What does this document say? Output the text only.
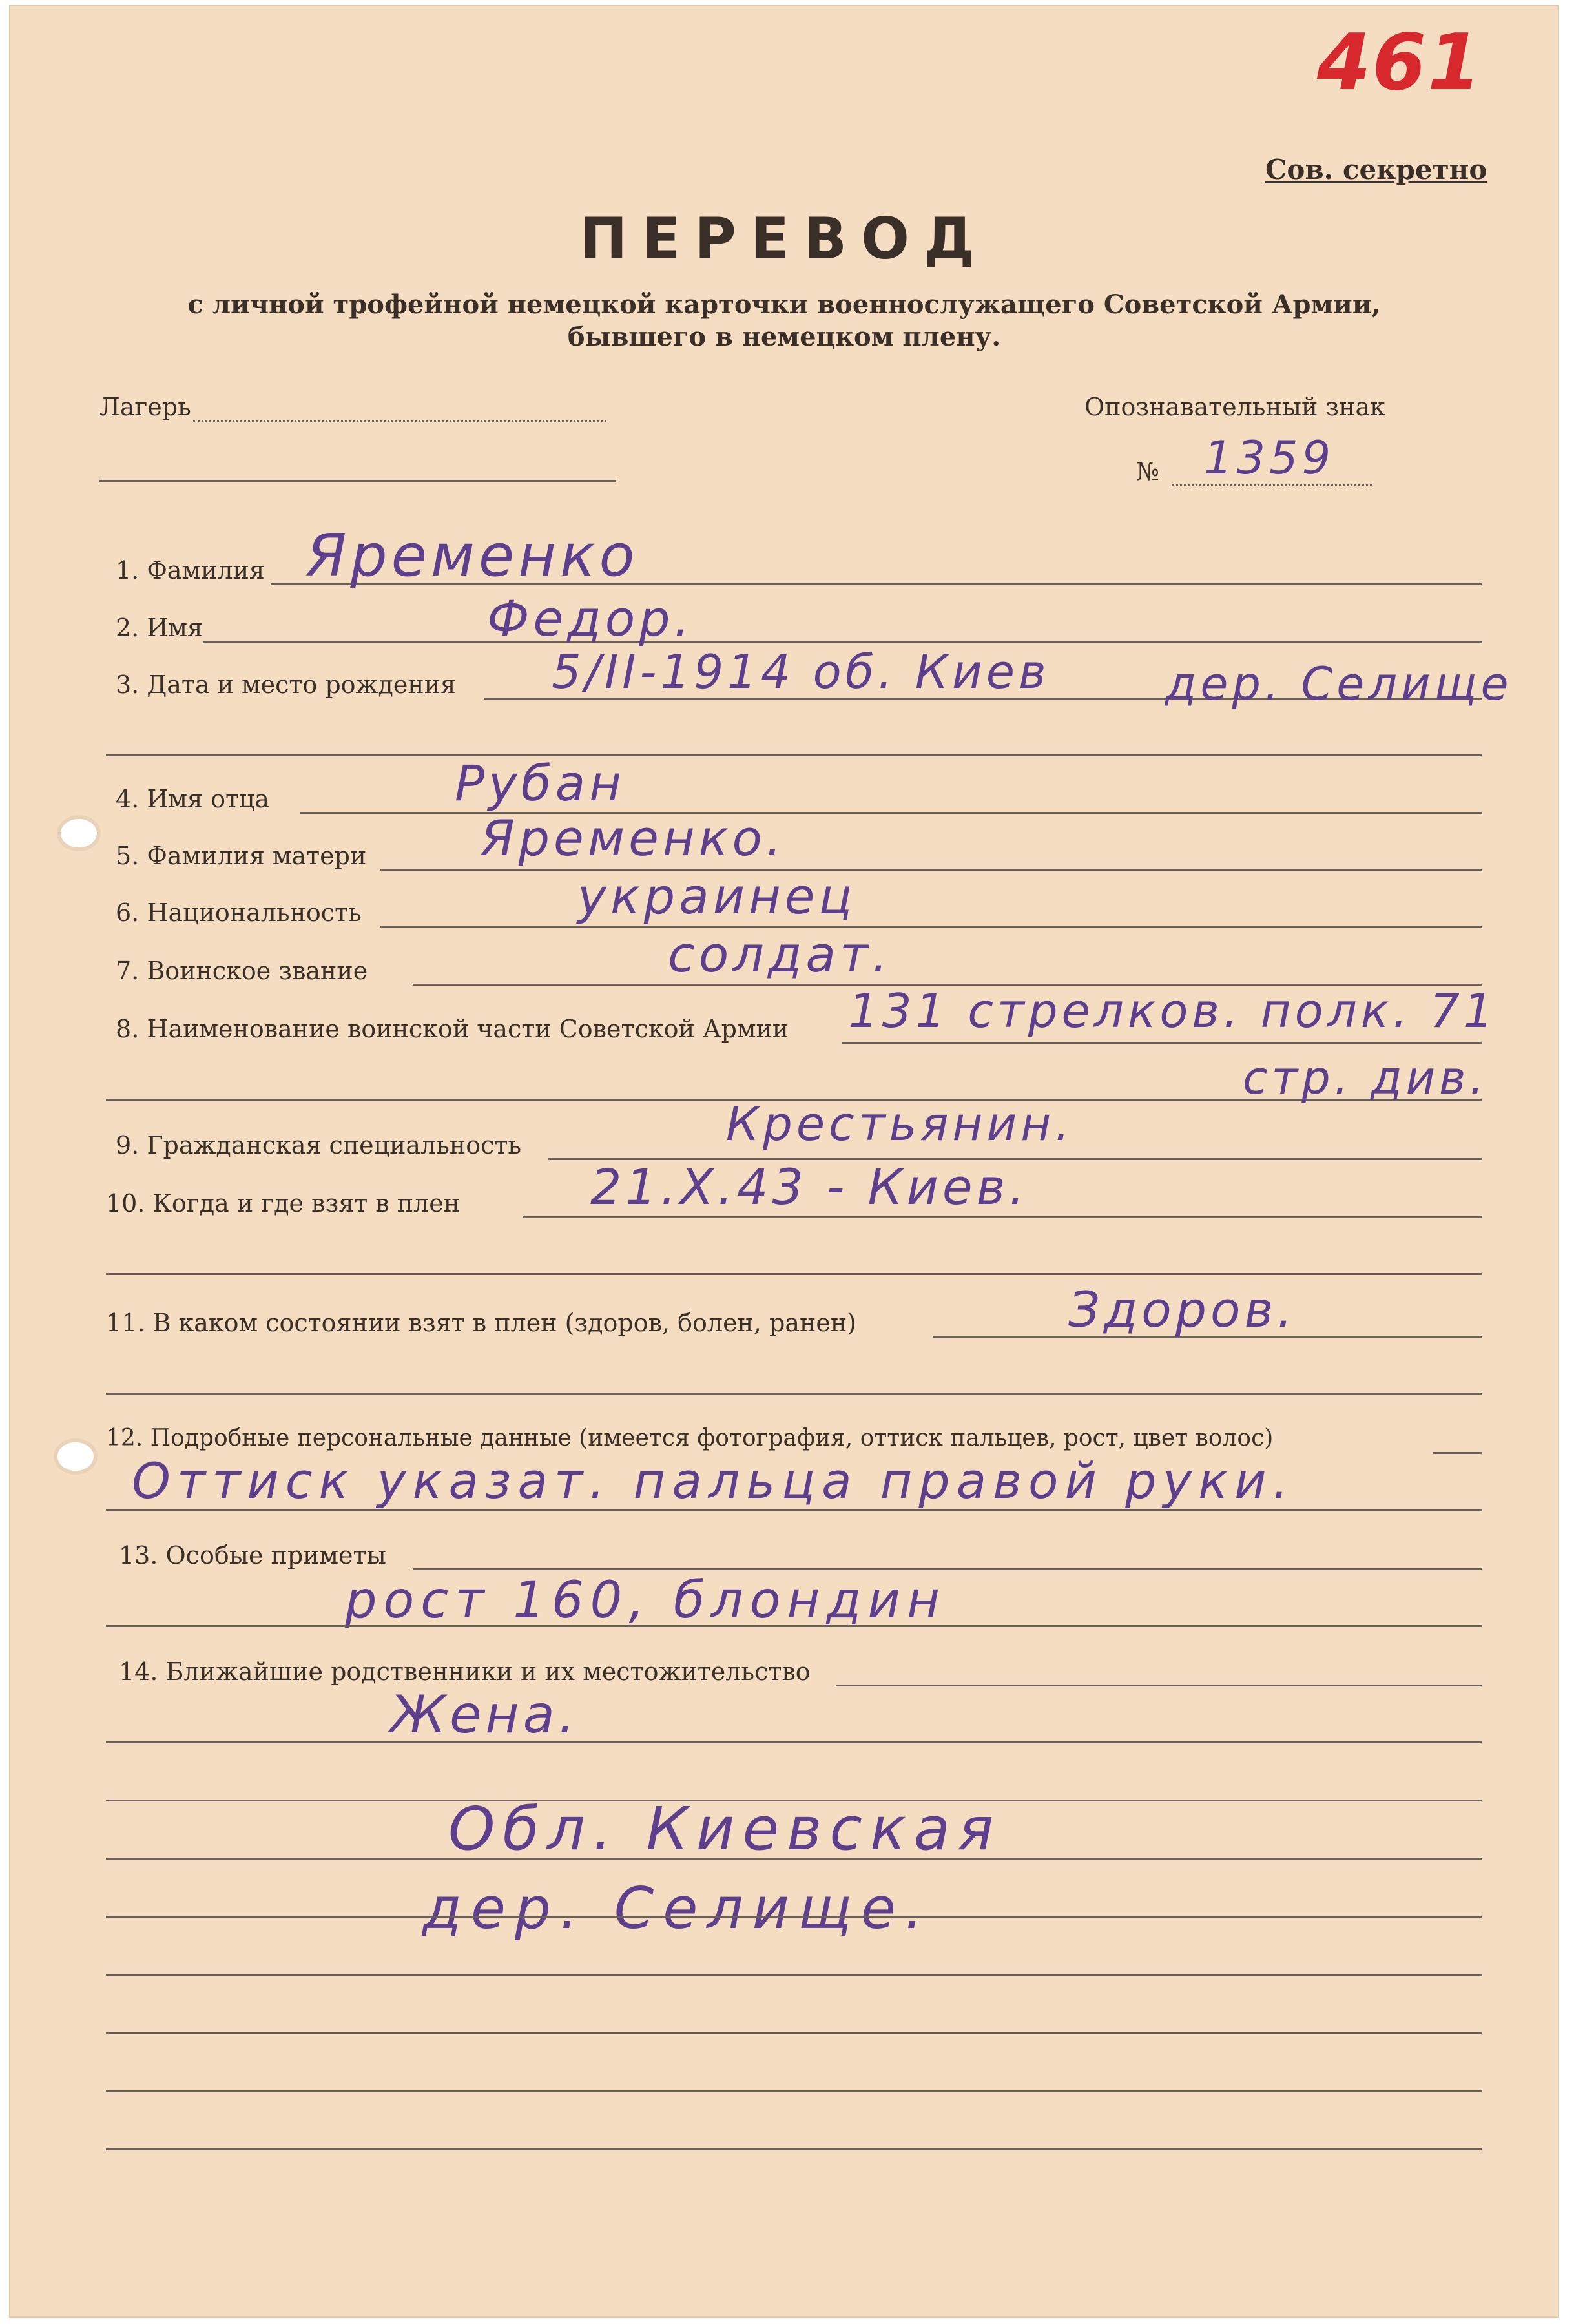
461
Сов. секретно
ПЕРЕВОД
с личной трофейной немецкой карточки военнослужащего Советской Армии,
бывшего в немецком плену.
Лагерь	Опознавательный знак
№ 1359
1. Фамилия Яременко
2. Имя	Федор.
3. Дата и место рождения 5/II-1914 об. Киев	дер. Селище
4. Имя отца	Рубан
5. Фамилия матери Яременко.
6. Национальность	украинец
7. Воинское звание	солдат.
8. Наименование воинской части Советской Армии 131 стрелков. полк. 71
стр. див.
9. Гражданская специальность	Крестьянин.
10. Когда и где взят в плен	21.X.43 - Киев.
11. В каком состоянии взят в плен (здоров, болен, ранен)	Здоров.
12. Подробные персональные данные (имеется фотография, оттиск пальцев, рост, цвет волос)
Оттиск указат. пальца правой руки.
13. Особые приметы
рост 160, блондин
14. Ближайшие родственники и их местожительство
Жена.
Обл. Киевская
дер. Селище.
